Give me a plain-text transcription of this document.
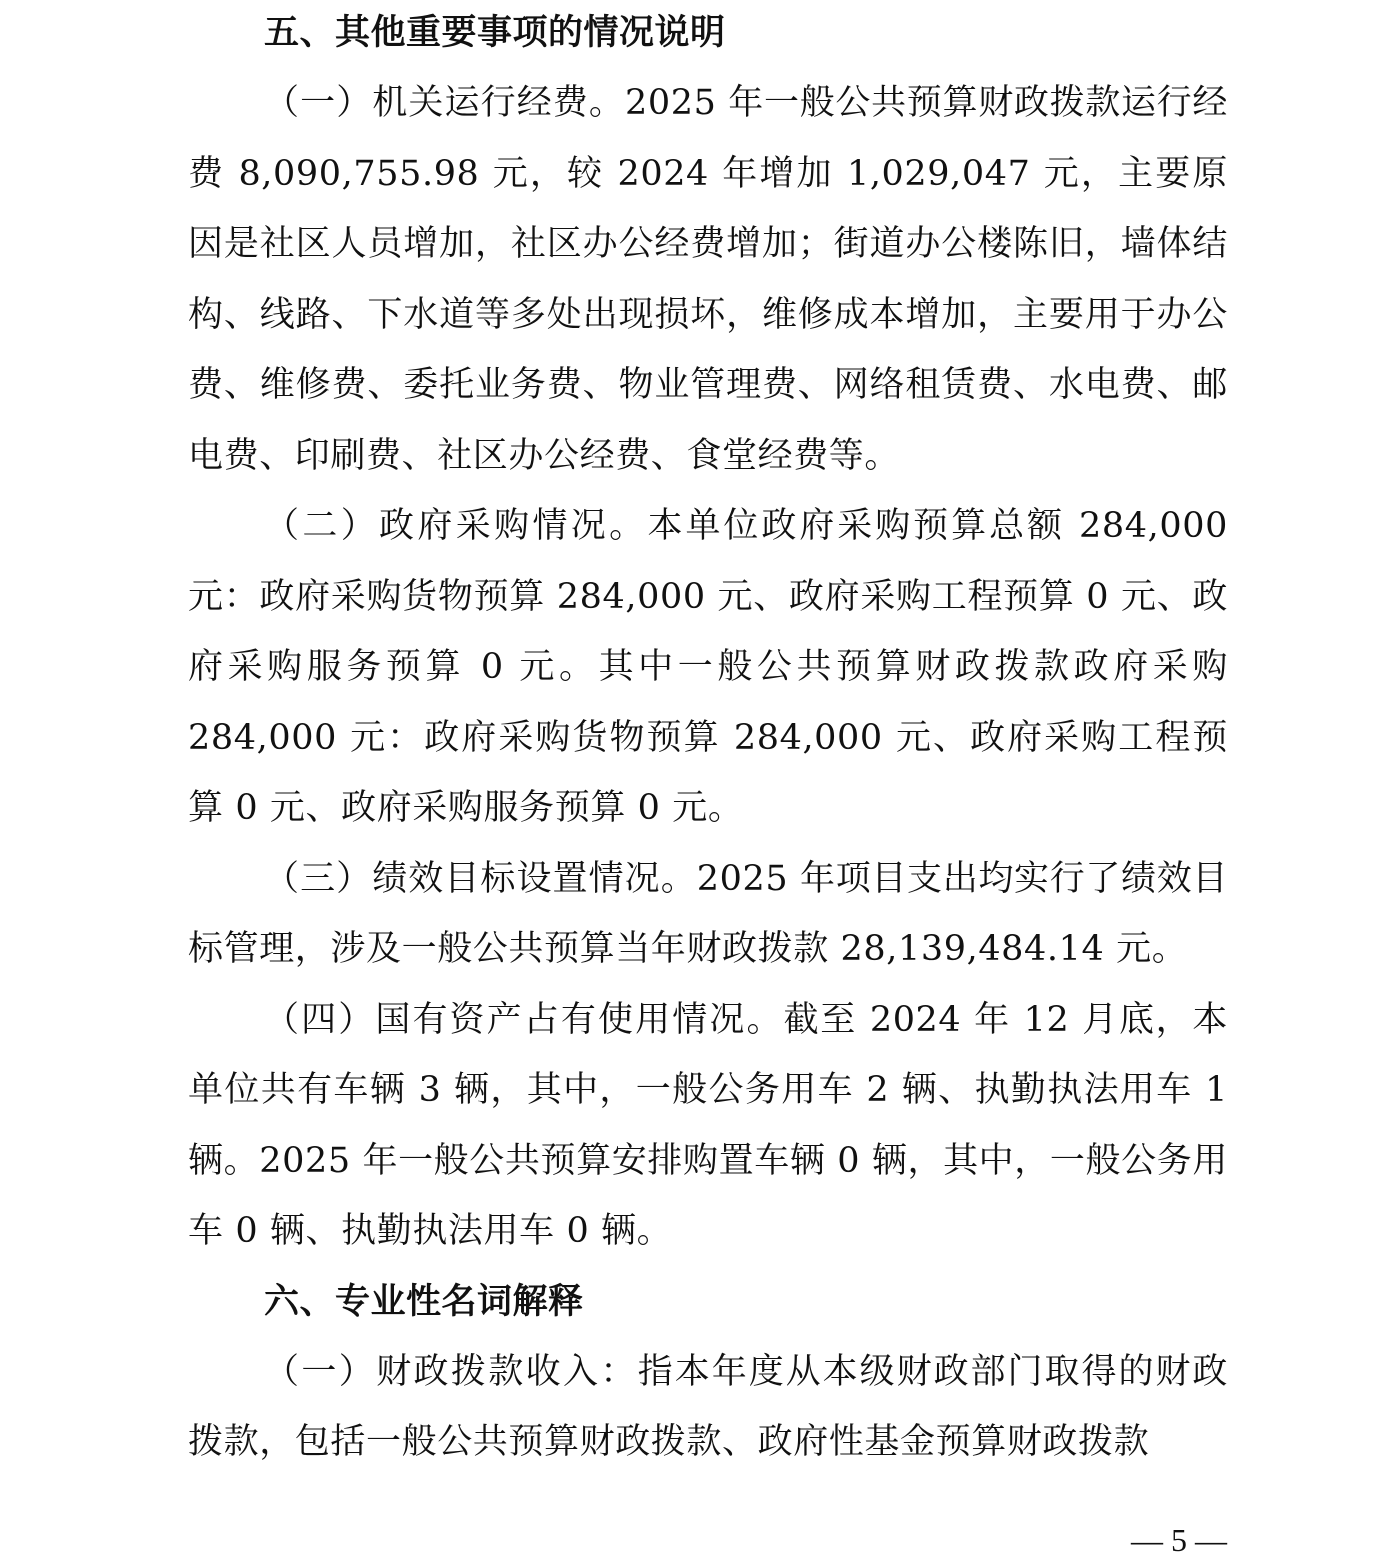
五、其他重要事项的情况说明

（一）机关运行经费。2025 年一般公共预算财政拨款运行经费 8,090,755.98 元，较 2024 年增加 1,029,047 元，主要原因是社区人员增加，社区办公经费增加；街道办公楼陈旧，墙体结构、线路、下水道等多处出现损坏，维修成本增加，主要用于办公费、维修费、委托业务费、物业管理费、网络租赁费、水电费、邮电费、印刷费、社区办公经费、食堂经费等。

（二）政府采购情况。本单位政府采购预算总额 284,000 元：政府采购货物预算 284,000 元、政府采购工程预算 0 元、政府采购服务预算 0 元。其中一般公共预算财政拨款政府采购 284,000 元：政府采购货物预算 284,000 元、政府采购工程预算 0 元、政府采购服务预算 0 元。

（三）绩效目标设置情况。2025 年项目支出均实行了绩效目标管理，涉及一般公共预算当年财政拨款 28,139,484.14 元。

（四）国有资产占有使用情况。截至 2024 年 12 月底，本单位共有车辆 3 辆，其中，一般公务用车 2 辆、执勤执法用车 1 辆。2025 年一般公共预算安排购置车辆 0 辆，其中，一般公务用车 0 辆、执勤执法用车 0 辆。

六、专业性名词解释

（一）财政拨款收入：指本年度从本级财政部门取得的财政拨款，包括一般公共预算财政拨款、政府性基金预算财政拨款

— 5 —
